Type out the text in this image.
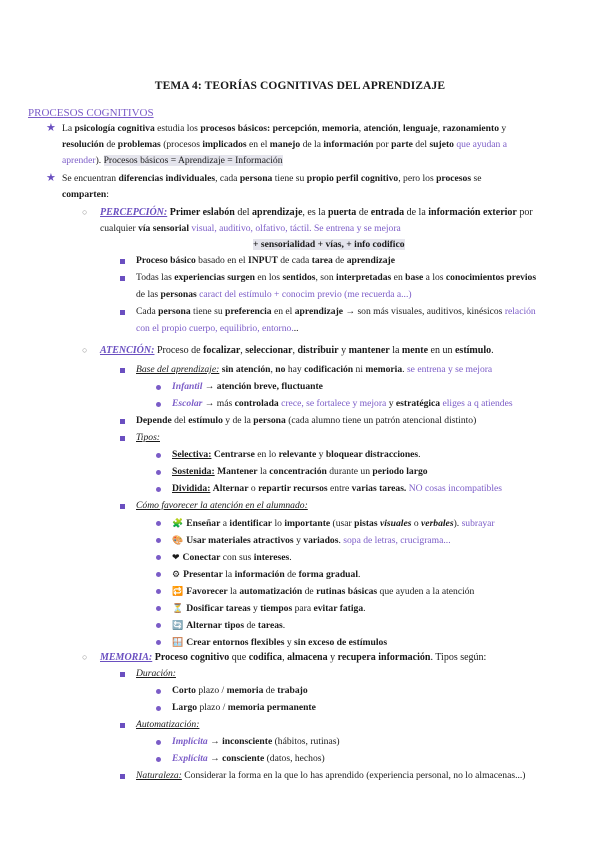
TEMA 4: TEORÍAS COGNITIVAS DEL APRENDIZAJE
PROCESOS COGNITIVOS
★ La psicología cognitiva estudia los procesos básicos: percepción, memoria, atención, lenguaje, razonamiento y
resolución de problemas (procesos implicados en el manejo de la información por parte del sujeto que ayudan a
aprender). Procesos básicos = Aprendizaje = Información
★ Se encuentran diferencias individuales, cada persona tiene su propio perfil cognitivo, pero los procesos se
comparten:
○ PERCEPCIÓN: Primer eslabón del aprendizaje, es la puerta de entrada de la información exterior por
cualquier vía sensorial visual, auditivo, olfativo, táctil. Se entrena y se mejora
+ sensorialidad + vías, + info codifico
Proceso básico basado en el INPUT de cada tarea de aprendizaje
Todas las experiencias surgen en los sentidos, son interpretadas en base a los conocimientos previos
de las personas caract del estímulo + conocim previo (me recuerda a...)
Cada persona tiene su preferencia en el aprendizaje → son más visuales, auditivos, kinésicos relación
con el propio cuerpo, equilibrio, entorno...
○ ATENCIÓN: Proceso de focalizar, seleccionar, distribuir y mantener la mente en un estímulo.
Base del aprendizaje: sin atención, no hay codificación ni memoria. se entrena y se mejora
Infantil → atención breve, fluctuante
Escolar → más controlada crece, se fortalece y mejora y estratégica eliges a q atiendes
Depende del estímulo y de la persona (cada alumno tiene un patrón atencional distinto)
Tipos:
Selectiva: Centrarse en lo relevante y bloquear distracciones.
Sostenida: Mantener la concentración durante un periodo largo
Dividida: Alternar o repartir recursos entre varias tareas. NO cosas incompatibles
Cómo favorecer la atención en el alumnado:
🧩 Enseñar a identificar lo importante (usar pistas visuales o verbales). subrayar
🎨 Usar materiales atractivos y variados. sopa de letras, crucigrama...
❤ Conectar con sus intereses.
⚙ Presentar la información de forma gradual.
🔁 Favorecer la automatización de rutinas básicas que ayuden a la atención
⏳ Dosificar tareas y tiempos para evitar fatiga.
🔄 Alternar tipos de tareas.
🪟 Crear entornos flexibles y sin exceso de estímulos
○ MEMORIA: Proceso cognitivo que codifica, almacena y recupera información. Tipos según:
Duración:
Corto plazo / memoria de trabajo
Largo plazo / memoria permanente
Automatización:
Implícita → inconsciente (hábitos, rutinas)
Explícita → consciente (datos, hechos)
Naturaleza: Considerar la forma en la que lo has aprendido (experiencia personal, no lo almacenas...)
